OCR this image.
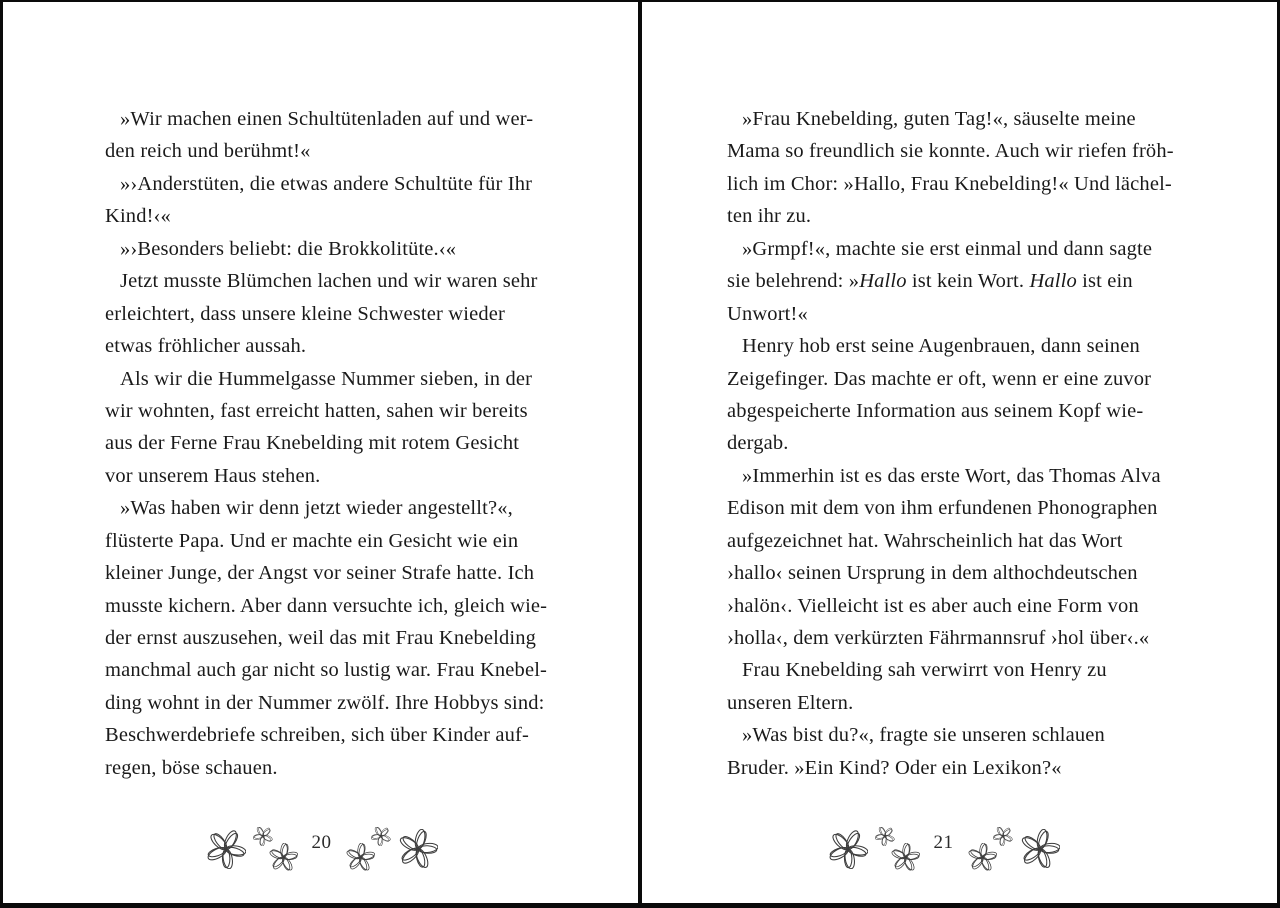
»Wir machen einen Schultütenladen auf und wer-
den reich und berühmt!«
»›Anderstüten, die etwas andere Schultüte für Ihr
Kind!‹«
»›Besonders beliebt: die Brokkolitüte.‹«
Jetzt musste Blümchen lachen und wir waren sehr
erleichtert, dass unsere kleine Schwester wieder
etwas fröhlicher aussah.
Als wir die Hummelgasse Nummer sieben, in der
wir wohnten, fast erreicht hatten, sahen wir bereits
aus der Ferne Frau Knebelding mit rotem Gesicht
vor unserem Haus stehen.
»Was haben wir denn jetzt wieder angestellt?«,
flüsterte Papa. Und er machte ein Gesicht wie ein
kleiner Junge, der Angst vor seiner Strafe hatte. Ich
musste kichern. Aber dann versuchte ich, gleich wie-
der ernst auszusehen, weil das mit Frau Knebelding
manchmal auch gar nicht so lustig war. Frau Knebel-
ding wohnt in der Nummer zwölf. Ihre Hobbys sind:
Beschwerdebriefe schreiben, sich über Kinder auf-
regen, böse schauen.
20
»Frau Knebelding, guten Tag!«, säuselte meine
Mama so freundlich sie konnte. Auch wir riefen fröh-
lich im Chor: »Hallo, Frau Knebelding!« Und lächel-
ten ihr zu.
»Grmpf!«, machte sie erst einmal und dann sagte
sie belehrend: »Hallo ist kein Wort. Hallo ist ein
Unwort!«
Henry hob erst seine Augenbrauen, dann seinen
Zeigefinger. Das machte er oft, wenn er eine zuvor
abgespeicherte Information aus seinem Kopf wie-
dergab.
»Immerhin ist es das erste Wort, das Thomas Alva
Edison mit dem von ihm erfundenen Phonographen
aufgezeichnet hat. Wahrscheinlich hat das Wort
›hallo‹ seinen Ursprung in dem althochdeutschen
›halön‹. Vielleicht ist es aber auch eine Form von
›holla‹, dem verkürzten Fährmannsruf ›hol über‹.«
Frau Knebelding sah verwirrt von Henry zu
unseren Eltern.
»Was bist du?«, fragte sie unseren schlauen
Bruder. »Ein Kind? Oder ein Lexikon?«
21
